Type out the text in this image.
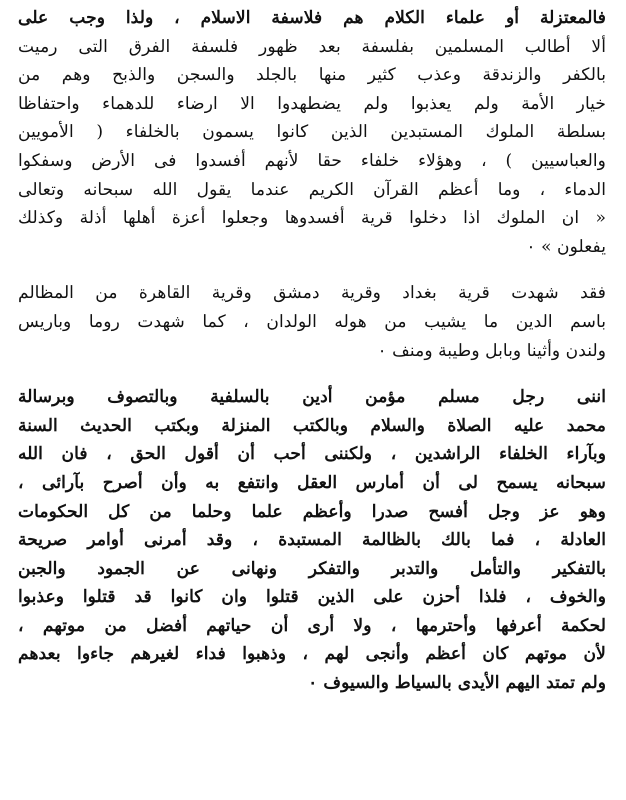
فالمعتزلة أو علماء الكلام هم فلاسفة الاسلام ، ولذا وجب على
ألا أطالب المسلمين بفلسفة بعد ظهور فلسفة الفرق التى رميت
بالكفر والزندقة وعذب كثير منها بالجلد والسجن والذبح وهم من
خيار الأمة ولم يعذبوا ولم يضطهدوا الا ارضاء للدهماء واحتفاظا
بسلطة الملوك المستبدين الذين كانوا يسمون بالخلفاء ( الأمويين
والعباسيين ) ، وهؤلاء خلفاء حقا لأنهم أفسدوا فى الأرض وسفكوا
الدماء ، وما أعظم القرآن الكريم عندما يقول الله سبحانه وتعالى
« ان الملوك اذا دخلوا قرية أفسدوها وجعلوا أعزة أهلها أذلة وكذلك
يفعلون » ٠
فقد شهدت قرية بغداد وقرية دمشق وقرية القاهرة من المظالم
باسم الدين ما يشيب من هوله الولدان ، كما شهدت روما وباريس
ولندن وأثينا وبابل وطيبة ومنف ٠
اننى رجل مسلم مؤمن أدين بالسلفية وبالتصوف وبرسالة
محمد عليه الصلاة والسلام وبالكتب المنزلة وبكتب الحديث السنة
وبآراء الخلفاء الراشدين ، ولكننى أحب أن أقول الحق ، فان الله
سبحانه يسمح لى أن أمارس العقل وانتفع به وأن أصرح بآرائى ،
وهو عز وجل أفسح صدرا وأعظم علما وحلما من كل الحكومات
العادلة ، فما بالك بالظالمة المستبدة ، وقد أمرنى أوامر صريحة
بالتفكير والتأمل والتدبر والتفكر ونهانى عن الجمود والجبن
والخوف ، فلذا أحزن على الذين قتلوا وان كانوا قد قتلوا وعذبوا
لحكمة أعرفها وأحترمها ، ولا أرى أن حياتهم أفضل من موتهم ،
لأن موتهم كان أعظم وأنجى لهم ، وذهبوا فداء لغيرهم جاءوا بعدهم
ولم تمتد اليهم الأيدى بالسياط والسيوف ٠
